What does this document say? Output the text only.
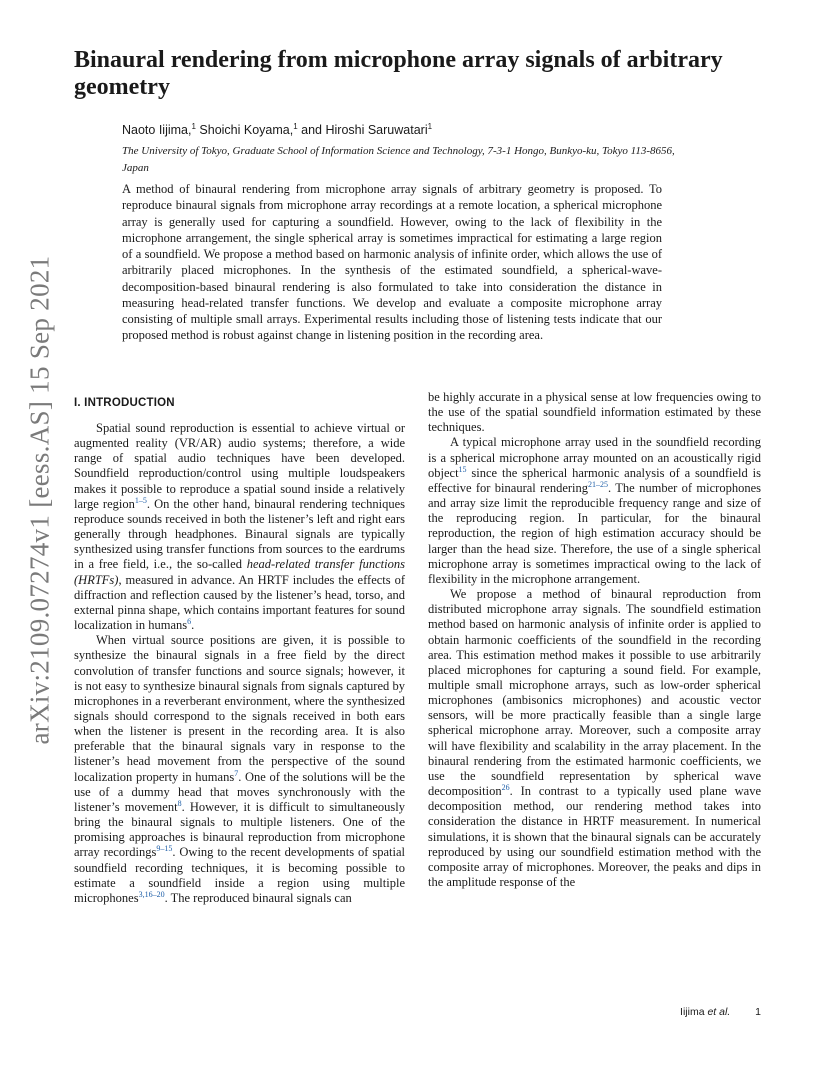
arXiv:2109.07274v1 [eess.AS] 15 Sep 2021
Binaural rendering from microphone array signals of arbitrary geometry
Naoto Iijima,$^1$ Shoichi Koyama,$^1$ and Hiroshi Saruwatari$^1$
The University of Tokyo, Graduate School of Information Science and Technology, 7-3-1 Hongo, Bunkyo-ku, Tokyo 113-8656, Japan

A method of binaural rendering from microphone array signals of arbitrary geometry is proposed. To reproduce binaural signals from microphone array recordings at a remote location, a spherical microphone array is generally used for capturing a soundfield. However, owing to the lack of flexibility in the microphone arrangement, the single spherical array is sometimes impractical for estimating a large region of a soundfield. We propose a method based on harmonic analysis of infinite order, which allows the use of arbitrarily placed microphones. In the synthesis of the estimated soundfield, a spherical-wave-decomposition-based binaural rendering is also formulated to take into consideration the distance in measuring head-related transfer functions. We develop and evaluate a composite microphone array consisting of multiple small arrays. Experimental results including those of listening tests indicate that our proposed method is robust against change in listening position in the recording area.

I. INTRODUCTION

Spatial sound reproduction is essential to achieve virtual or augmented reality (VR/AR) audio systems; therefore, a wide range of spatial audio techniques have been developed. Soundfield reproduction/control using multiple loudspeakers makes it possible to reproduce a spatial sound inside a relatively large region$^{1-5}$. On the other hand, binaural rendering techniques reproduce sounds received in both the listener’s left and right ears generally through headphones. Binaural signals are typically synthesized using transfer functions from sources to the eardrums in a free field, i.e., the so-called head-related transfer functions (HRTFs), measured in advance. An HRTF includes the effects of diffraction and reflection caused by the listener’s head, torso, and external pinna shape, which contains important features for sound localization in humans$^6$.

When virtual source positions are given, it is possible to synthesize the binaural signals in a free field by the direct convolution of transfer functions and source signals; however, it is not easy to synthesize binaural signals from signals captured by microphones in a reverberant environment, where the synthesized signals should correspond to the signals received in both ears when the listener is present in the recording area. It is also preferable that the binaural signals vary in response to the listener’s head movement from the perspective of the sound localization property in humans$^7$. One of the solutions will be the use of a dummy head that moves synchronously with the listener’s movement$^8$. However, it is difficult to simultaneously bring the binaural signals to multiple listeners. One of the promising approaches is binaural reproduction from microphone array recordings$^{9-15}$. Owing to the recent developments of spatial soundfield recording techniques, it is becoming possible to estimate a soundfield inside a region using multiple microphones$^{3,16-20}$. The reproduced binaural signals can

be highly accurate in a physical sense at low frequencies owing to the use of the spatial soundfield information estimated by these techniques.

A typical microphone array used in the soundfield recording is a spherical microphone array mounted on an acoustically rigid object$^{15}$ since the spherical harmonic analysis of a soundfield is effective for binaural rendering$^{21-25}$. The number of microphones and array size limit the reproducible frequency range and size of the reproducing region. In particular, for the binaural reproduction, the region of high estimation accuracy should be larger than the head size. Therefore, the use of a single spherical microphone array is sometimes impractical owing to the lack of flexibility in the microphone arrangement.

We propose a method of binaural reproduction from distributed microphone array signals. The soundfield estimation method based on harmonic analysis of infinite order is applied to obtain harmonic coefficients of the soundfield in the recording area. This estimation method makes it possible to use arbitrarily placed microphones for capturing a sound field. For example, multiple small microphone arrays, such as low-order spherical microphones (ambisonics microphones) and acoustic vector sensors, will be more practically feasible than a single large spherical microphone array. Moreover, such a composite array will have flexibility and scalability in the array placement. In the binaural rendering from the estimated harmonic coefficients, we use the soundfield representation by spherical wave decomposition$^{26}$. In contrast to a typically used plane wave decomposition method, our rendering method takes into consideration the distance in HRTF measurement. In numerical simulations, it is shown that the binaural signals can be accurately reproduced by using our soundfield estimation method with the composite array of microphones. Moreover, the peaks and dips in the amplitude response of the

Iijima et al. 1
